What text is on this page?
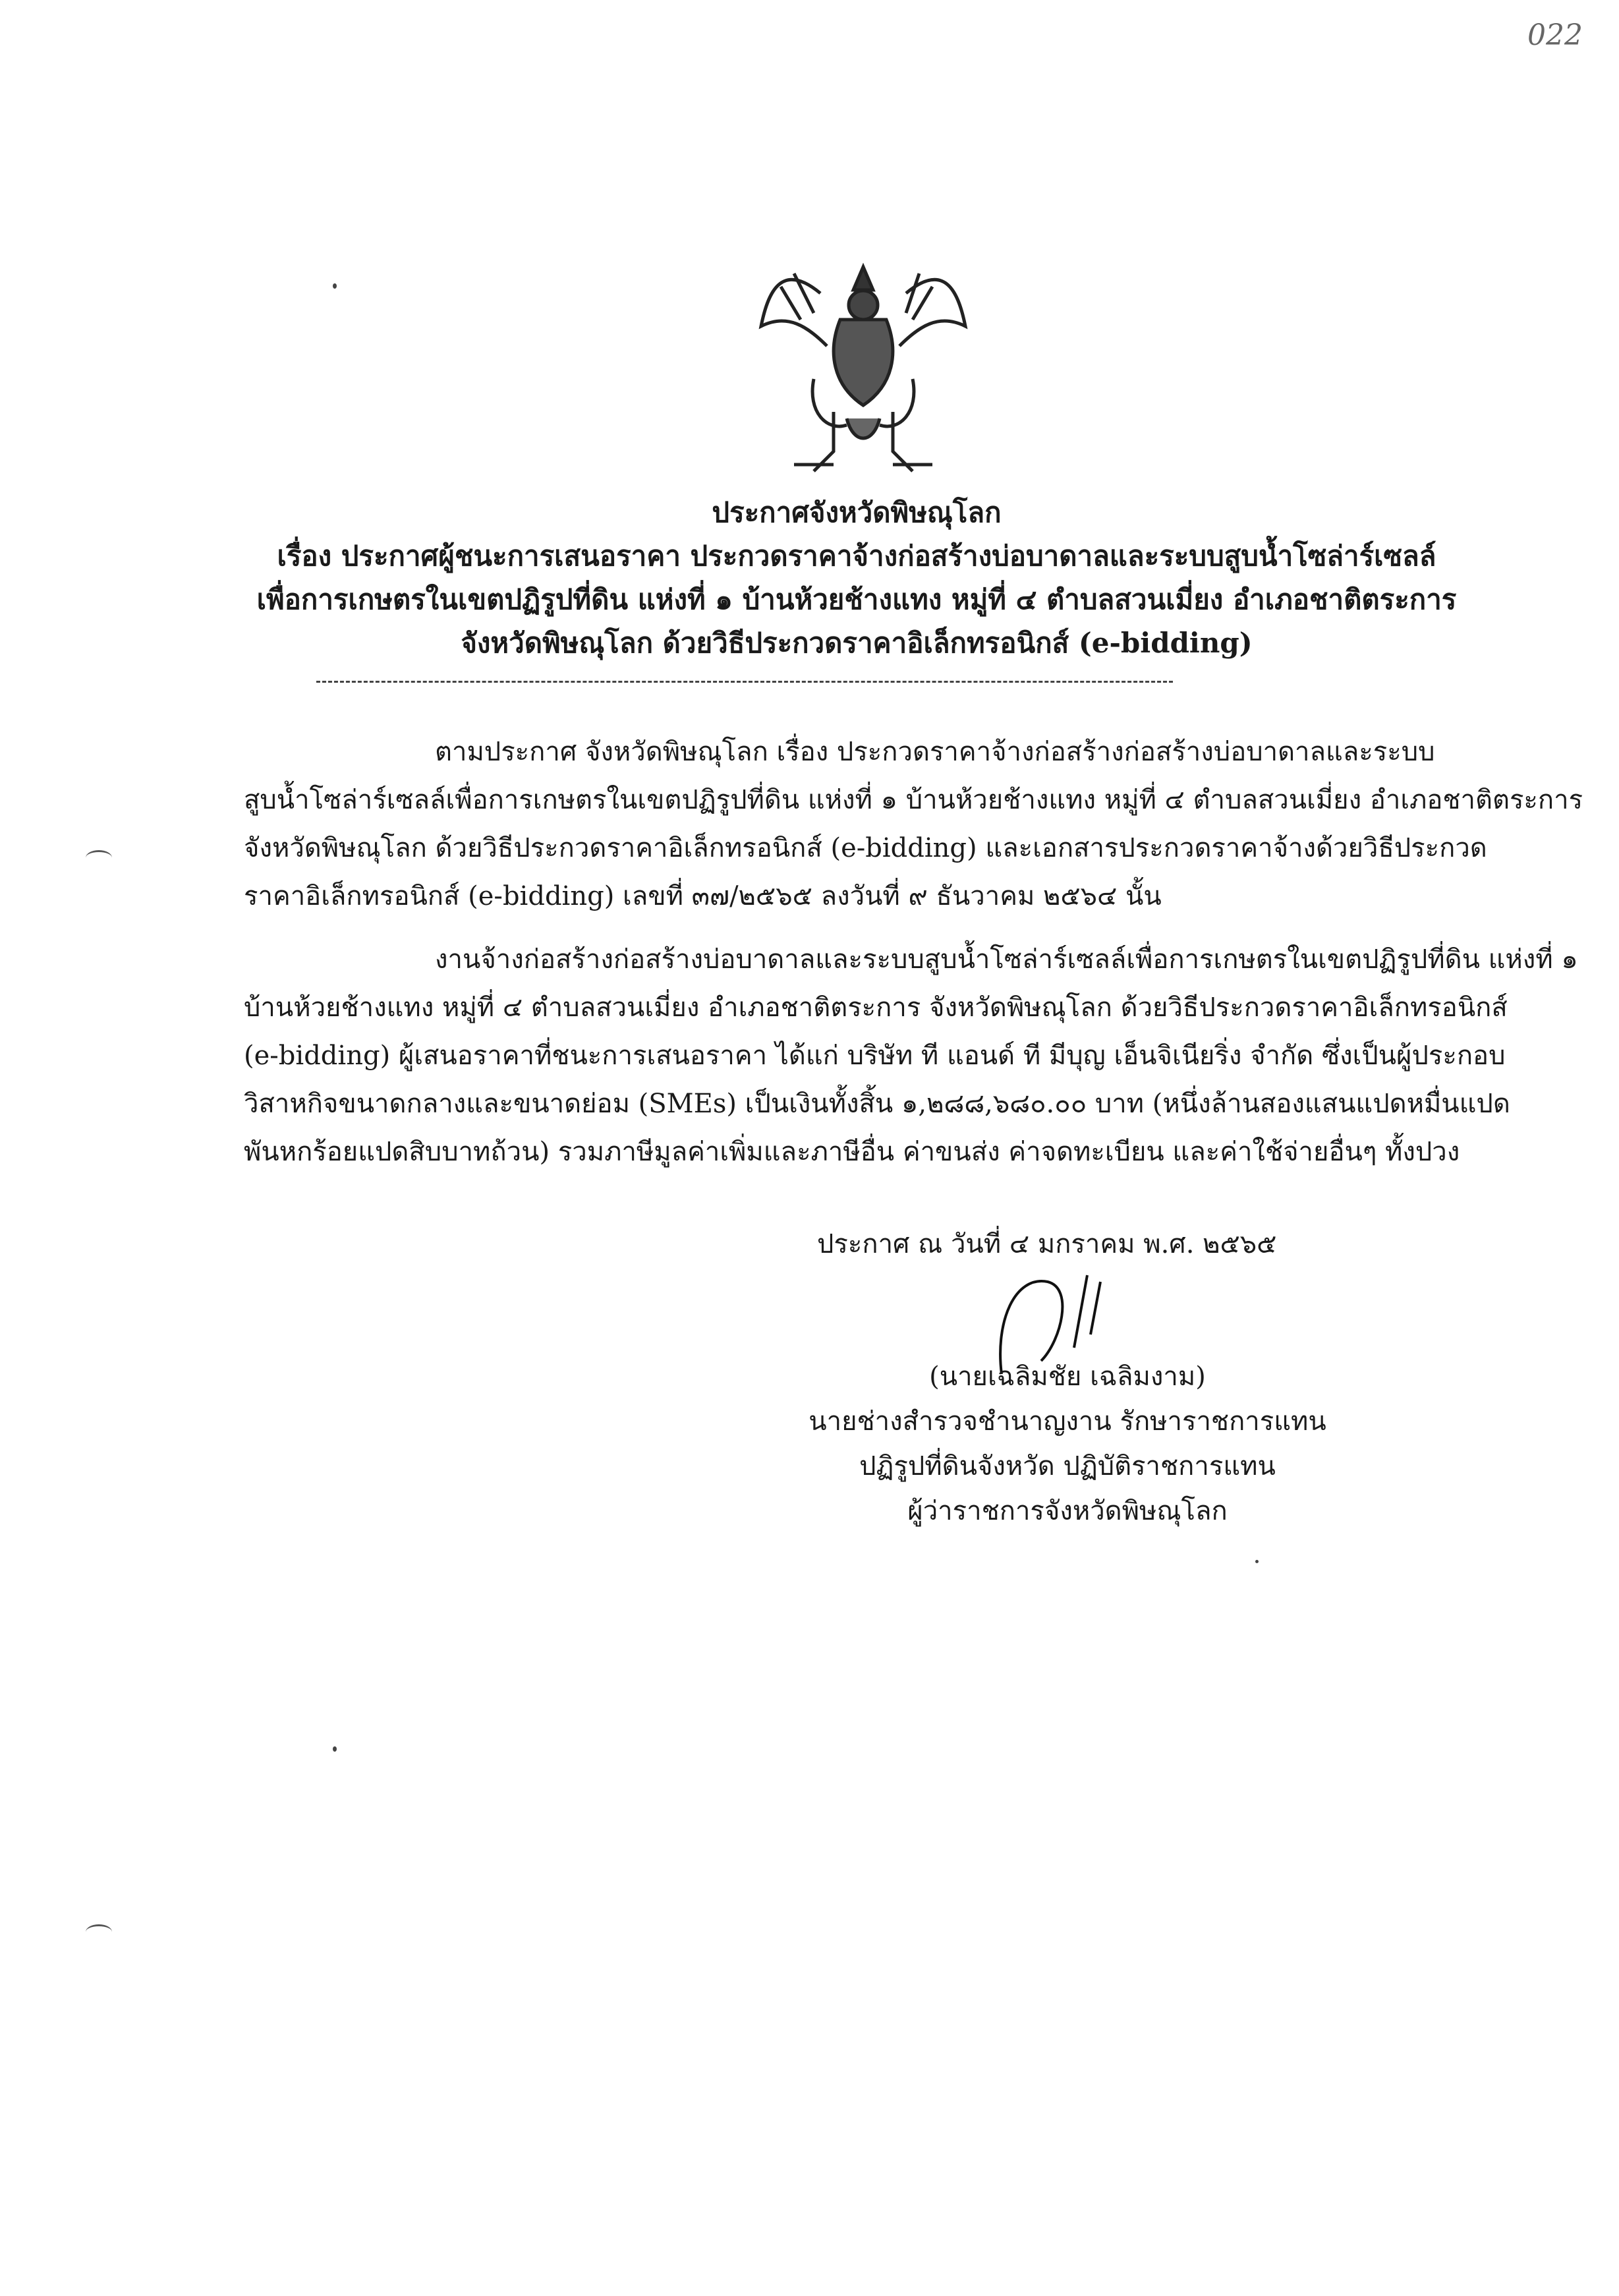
022
ประกาศจังหวัดพิษณุโลก
เรื่อง ประกาศผู้ชนะการเสนอราคา ประกวดราคาจ้างก่อสร้างบ่อบาดาลและระบบสูบน้ำโซล่าร์เซลล์
เพื่อการเกษตรในเขตปฏิรูปที่ดิน แห่งที่ ๑ บ้านห้วยช้างแทง หมู่ที่ ๔ ตำบลสวนเมี่ยง อำเภอชาติตระการ
จังหวัดพิษณุโลก ด้วยวิธีประกวดราคาอิเล็กทรอนิกส์ (e-bidding)
ตามประกาศ จังหวัดพิษณุโลก เรื่อง ประกวดราคาจ้างก่อสร้างก่อสร้างบ่อบาดาลและระบบ
สูบน้ำโซล่าร์เซลล์เพื่อการเกษตรในเขตปฏิรูปที่ดิน แห่งที่ ๑ บ้านห้วยช้างแทง หมู่ที่ ๔ ตำบลสวนเมี่ยง อำเภอชาติตระการ
จังหวัดพิษณุโลก ด้วยวิธีประกวดราคาอิเล็กทรอนิกส์ (e-bidding) และเอกสารประกวดราคาจ้างด้วยวิธีประกวด
ราคาอิเล็กทรอนิกส์ (e-bidding) เลขที่ ๓๗/๒๕๖๕ ลงวันที่ ๙ ธันวาคม ๒๕๖๔ นั้น
งานจ้างก่อสร้างก่อสร้างบ่อบาดาลและระบบสูบน้ำโซล่าร์เซลล์เพื่อการเกษตรในเขตปฏิรูปที่ดิน แห่งที่ ๑
บ้านห้วยช้างแทง หมู่ที่ ๔ ตำบลสวนเมี่ยง อำเภอชาติตระการ จังหวัดพิษณุโลก ด้วยวิธีประกวดราคาอิเล็กทรอนิกส์
(e-bidding) ผู้เสนอราคาที่ชนะการเสนอราคา ได้แก่ บริษัท ที แอนด์ ที มีบุญ เอ็นจิเนียริ่ง จำกัด ซึ่งเป็นผู้ประกอบ
วิสาหกิจขนาดกลางและขนาดย่อม (SMEs) เป็นเงินทั้งสิ้น ๑,๒๘๘,๖๘๐.๐๐ บาท (หนึ่งล้านสองแสนแปดหมื่นแปด
พันหกร้อยแปดสิบบาทถ้วน) รวมภาษีมูลค่าเพิ่มและภาษีอื่น ค่าขนส่ง ค่าจดทะเบียน และค่าใช้จ่ายอื่นๆ ทั้งปวง
ประกาศ ณ วันที่ ๔ มกราคม พ.ศ. ๒๕๖๕
(นายเฉลิมชัย เฉลิมงาม)
นายช่างสำรวจชำนาญงาน รักษาราชการแทน
ปฏิรูปที่ดินจังหวัด ปฏิบัติราชการแทน
ผู้ว่าราชการจังหวัดพิษณุโลก
